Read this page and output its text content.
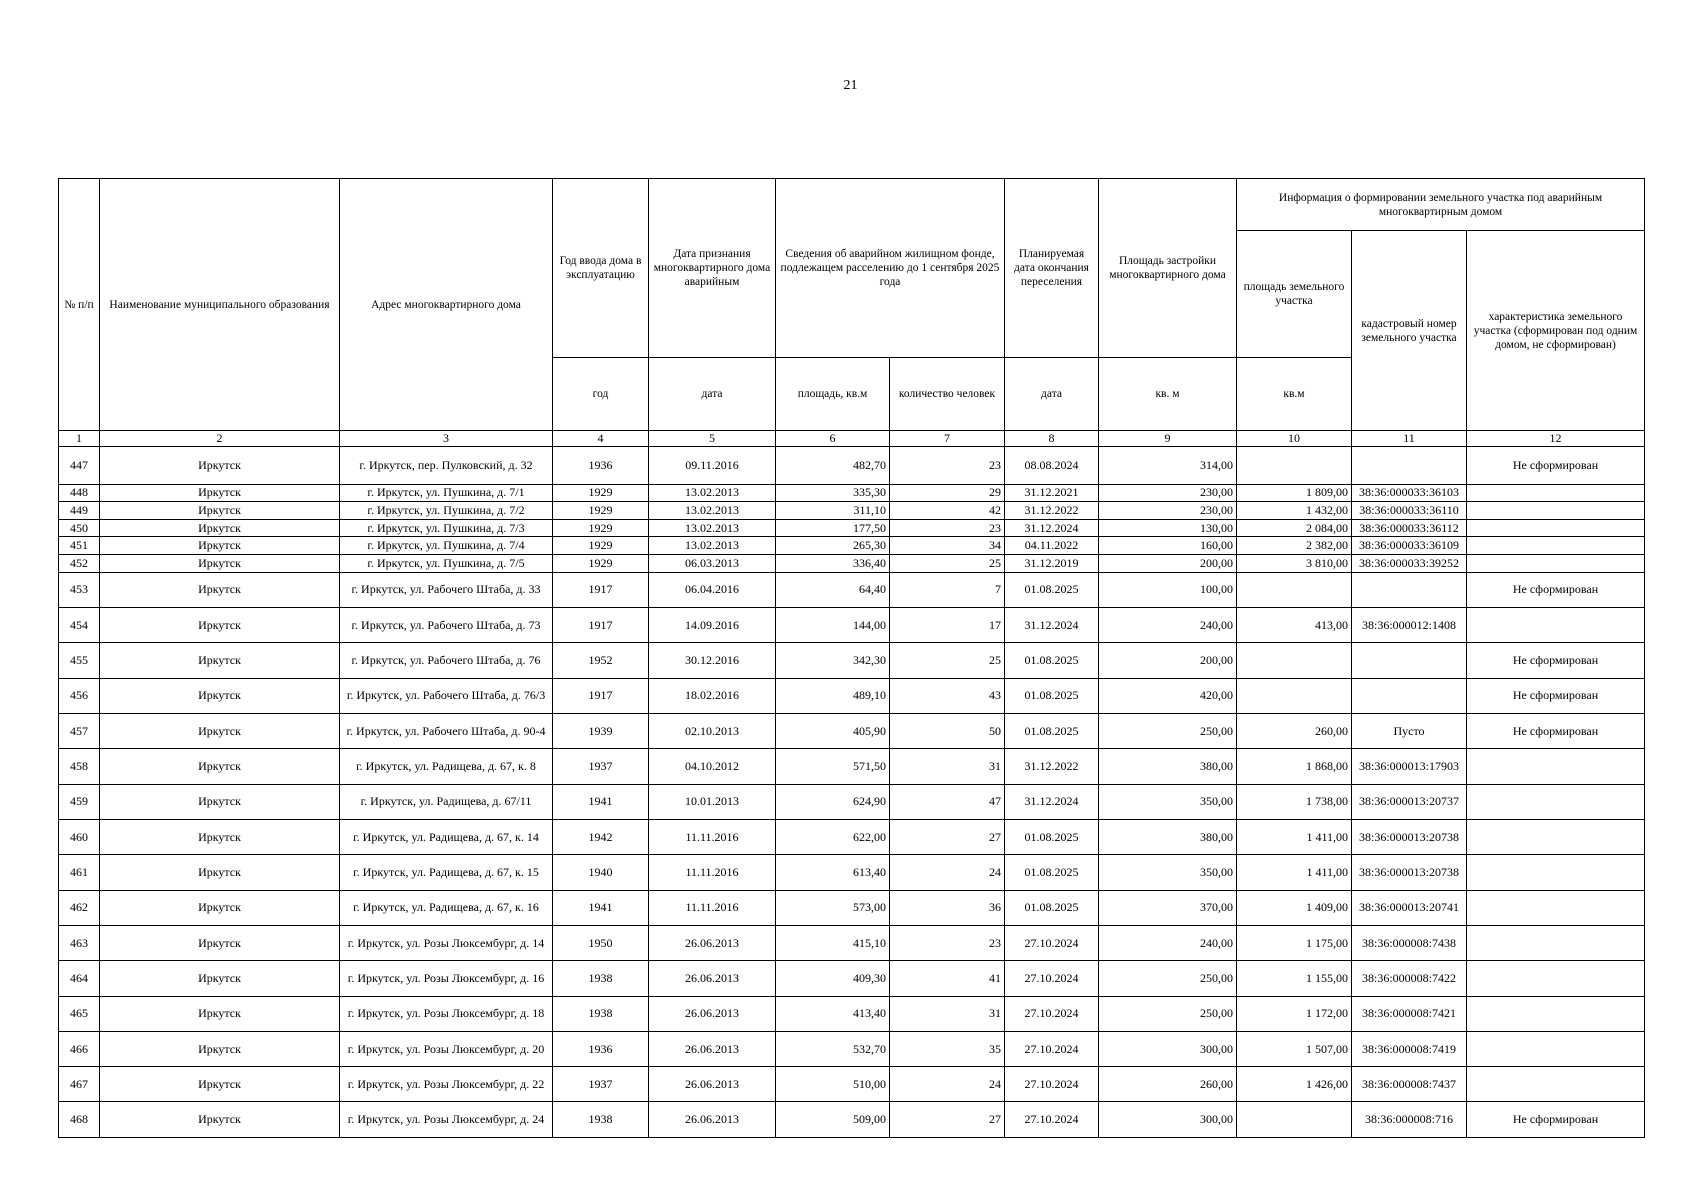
21
№ п/п	Наименование муниципального образования	Адрес многоквартирного дома	Год ввода дома в эксплуатацию	Дата признания многоквартирного дома аварийным	Сведения об аварийном жилищном фонде, подлежащем расселению до 1 сентября 2025 года		Планируемая дата окончания переселения	Площадь застройки многоквартирного дома	Информация о формировании земельного участка под аварийным многоквартирным домом		
									площадь земельного участка	кадастровый номер земельного участка	характеристика земельного участка (сформирован под одним домом, не сформирован)
			год	дата	площадь, кв.м	количество человек	дата	кв. м	кв.м		
1	2	3	4	5	6	7	8	9	10	11	12
447	Иркутск	г. Иркутск, пер. Пулковский, д. 32	1936	09.11.2016	482,70	23	08.08.2024	314,00			Не сформирован
448	Иркутск	г. Иркутск, ул. Пушкина, д. 7/1	1929	13.02.2013	335,30	29	31.12.2021	230,00	1 809,00	38:36:000033:36103	
449	Иркутск	г. Иркутск, ул. Пушкина, д. 7/2	1929	13.02.2013	311,10	42	31.12.2022	230,00	1 432,00	38:36:000033:36110	
450	Иркутск	г. Иркутск, ул. Пушкина, д. 7/3	1929	13.02.2013	177,50	23	31.12.2024	130,00	2 084,00	38:36:000033:36112	
451	Иркутск	г. Иркутск, ул. Пушкина, д. 7/4	1929	13.02.2013	265,30	34	04.11.2022	160,00	2 382,00	38:36:000033:36109	
452	Иркутск	г. Иркутск, ул. Пушкина, д. 7/5	1929	06.03.2013	336,40	25	31.12.2019	200,00	3 810,00	38:36:000033:39252	
453	Иркутск	г. Иркутск, ул. Рабочего Штаба, д. 33	1917	06.04.2016	64,40	7	01.08.2025	100,00			Не сформирован
454	Иркутск	г. Иркутск, ул. Рабочего Штаба, д. 73	1917	14.09.2016	144,00	17	31.12.2024	240,00	413,00	38:36:000012:1408	
455	Иркутск	г. Иркутск, ул. Рабочего Штаба, д. 76	1952	30.12.2016	342,30	25	01.08.2025	200,00			Не сформирован
456	Иркутск	г. Иркутск, ул. Рабочего Штаба, д. 76/3	1917	18.02.2016	489,10	43	01.08.2025	420,00			Не сформирован
457	Иркутск	г. Иркутск, ул. Рабочего Штаба, д. 90-4	1939	02.10.2013	405,90	50	01.08.2025	250,00	260,00	Пусто	Не сформирован
458	Иркутск	г. Иркутск, ул. Радищева, д. 67, к. 8	1937	04.10.2012	571,50	31	31.12.2022	380,00	1 868,00	38:36:000013:17903	
459	Иркутск	г. Иркутск, ул. Радищева, д. 67/11	1941	10.01.2013	624,90	47	31.12.2024	350,00	1 738,00	38:36:000013:20737	
460	Иркутск	г. Иркутск, ул. Радищева, д. 67, к. 14	1942	11.11.2016	622,00	27	01.08.2025	380,00	1 411,00	38:36:000013:20738	
461	Иркутск	г. Иркутск, ул. Радищева, д. 67, к. 15	1940	11.11.2016	613,40	24	01.08.2025	350,00	1 411,00	38:36:000013:20738	
462	Иркутск	г. Иркутск, ул. Радищева, д. 67, к. 16	1941	11.11.2016	573,00	36	01.08.2025	370,00	1 409,00	38:36:000013:20741	
463	Иркутск	г. Иркутск, ул. Розы Люксембург, д. 14	1950	26.06.2013	415,10	23	27.10.2024	240,00	1 175,00	38:36:000008:7438	
464	Иркутск	г. Иркутск, ул. Розы Люксембург, д. 16	1938	26.06.2013	409,30	41	27.10.2024	250,00	1 155,00	38:36:000008:7422	
465	Иркутск	г. Иркутск, ул. Розы Люксембург, д. 18	1938	26.06.2013	413,40	31	27.10.2024	250,00	1 172,00	38:36:000008:7421	
466	Иркутск	г. Иркутск, ул. Розы Люксембург, д. 20	1936	26.06.2013	532,70	35	27.10.2024	300,00	1 507,00	38:36:000008:7419	
467	Иркутск	г. Иркутск, ул. Розы Люксембург, д. 22	1937	26.06.2013	510,00	24	27.10.2024	260,00	1 426,00	38:36:000008:7437	
468	Иркутск	г. Иркутск, ул. Розы Люксембург, д. 24	1938	26.06.2013	509,00	27	27.10.2024	300,00		38:36:000008:716	Не сформирован
